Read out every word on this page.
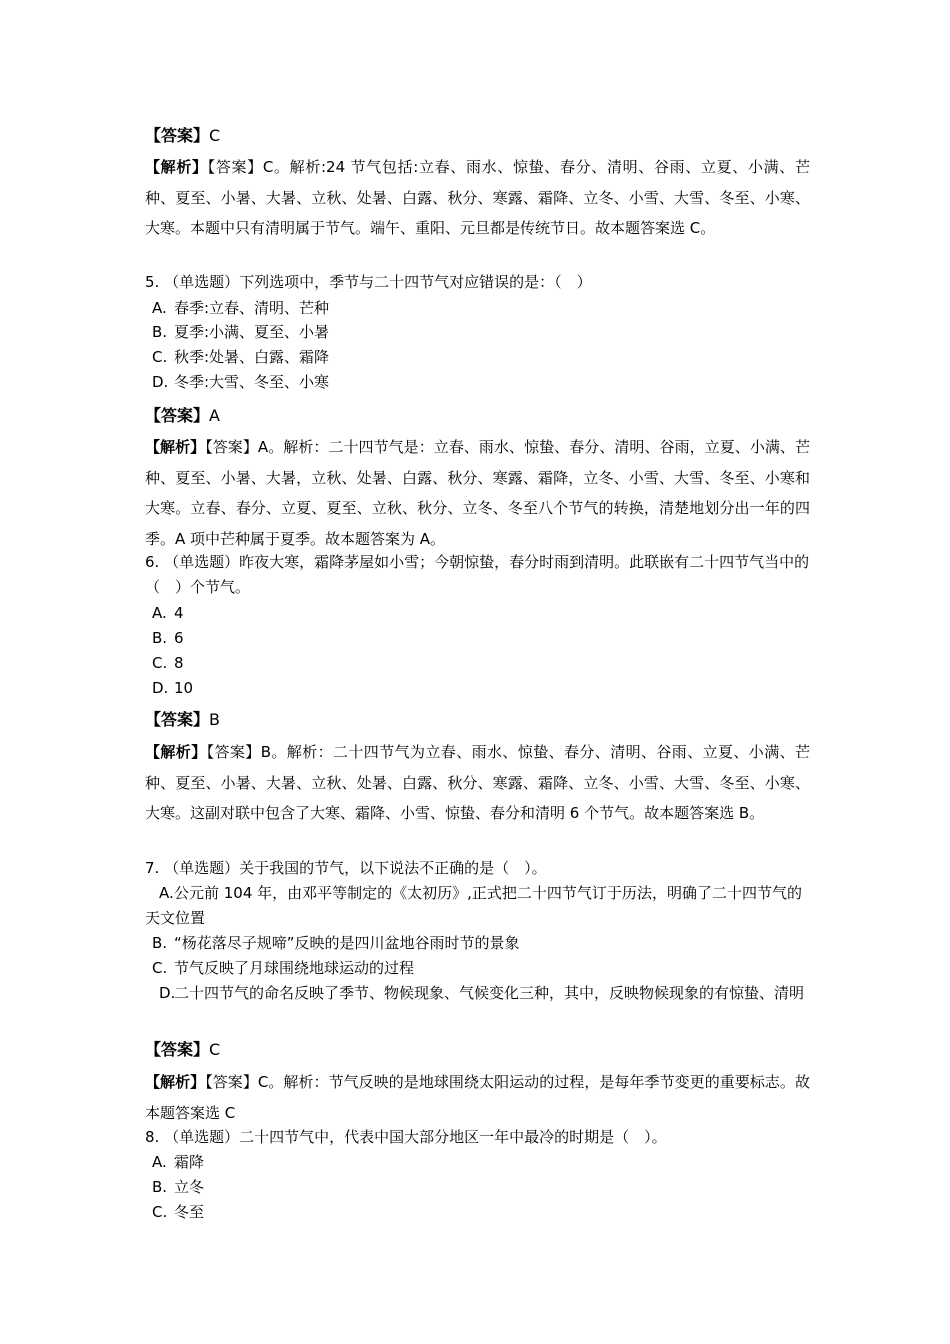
【答案】C

【解析】【答案】C。解析:24 节气包括:立春、雨水、惊蛰、春分、清明、谷雨、立夏、小满、芒种、夏至、小暑、大暑、立秋、处暑、白露、秋分、寒露、霜降、立冬、小雪、大雪、冬至、小寒、大寒。本题中只有清明属于节气。端午、重阳、元旦都是传统节日。故本题答案选 C。

5. （单选题）下列选项中，季节与二十四节气对应错误的是：（　）

A. 春季:立春、清明、芒种
B. 夏季:小满、夏至、小暑
C. 秋季:处暑、白露、霜降
D. 冬季:大雪、冬至、小寒
【答案】A

【解析】【答案】A。解析：二十四节气是：立春、雨水、惊蛰、春分、清明、谷雨，立夏、小满、芒种、夏至、小暑、大暑，立秋、处暑、白露、秋分、寒露、霜降，立冬、小雪、大雪、冬至、小寒和大寒。立春、春分、立夏、夏至、立秋、秋分、立冬、冬至八个节气的转换，清楚地划分出一年的四季。A 项中芒种属于夏季。故本题答案为 A。

6. （单选题）昨夜大寒，霜降茅屋如小雪；今朝惊蛰，春分时雨到清明。此联嵌有二十四节气当中的（　）个节气。

A. 4
B. 6
C. 8
D. 10
【答案】B

【解析】【答案】B。解析：二十四节气为立春、雨水、惊蛰、春分、清明、谷雨、立夏、小满、芒种、夏至、小暑、大暑、立秋、处暑、白露、秋分、寒露、霜降、立冬、小雪、大雪、冬至、小寒、大寒。这副对联中包含了大寒、霜降、小雪、惊蛰、春分和清明 6 个节气。故本题答案选 B。

7. （单选题）关于我国的节气，以下说法不正确的是（　）。

A.公元前 104 年，由邓平等制定的《太初历》,正式把二十四节气订于历法，明确了二十四节气的天文位置
B. “杨花落尽子规啼”反映的是四川盆地谷雨时节的景象
C. 节气反映了月球围绕地球运动的过程
D.二十四节气的命名反映了季节、物候现象、气候变化三种，其中，反映物候现象的有惊蛰、清明
【答案】C

【解析】【答案】C。解析：节气反映的是地球围绕太阳运动的过程，是每年季节变更的重要标志。故本题答案选 C

8. （单选题）二十四节气中，代表中国大部分地区一年中最冷的时期是（　）。

A. 霜降
B. 立冬
C. 冬至
